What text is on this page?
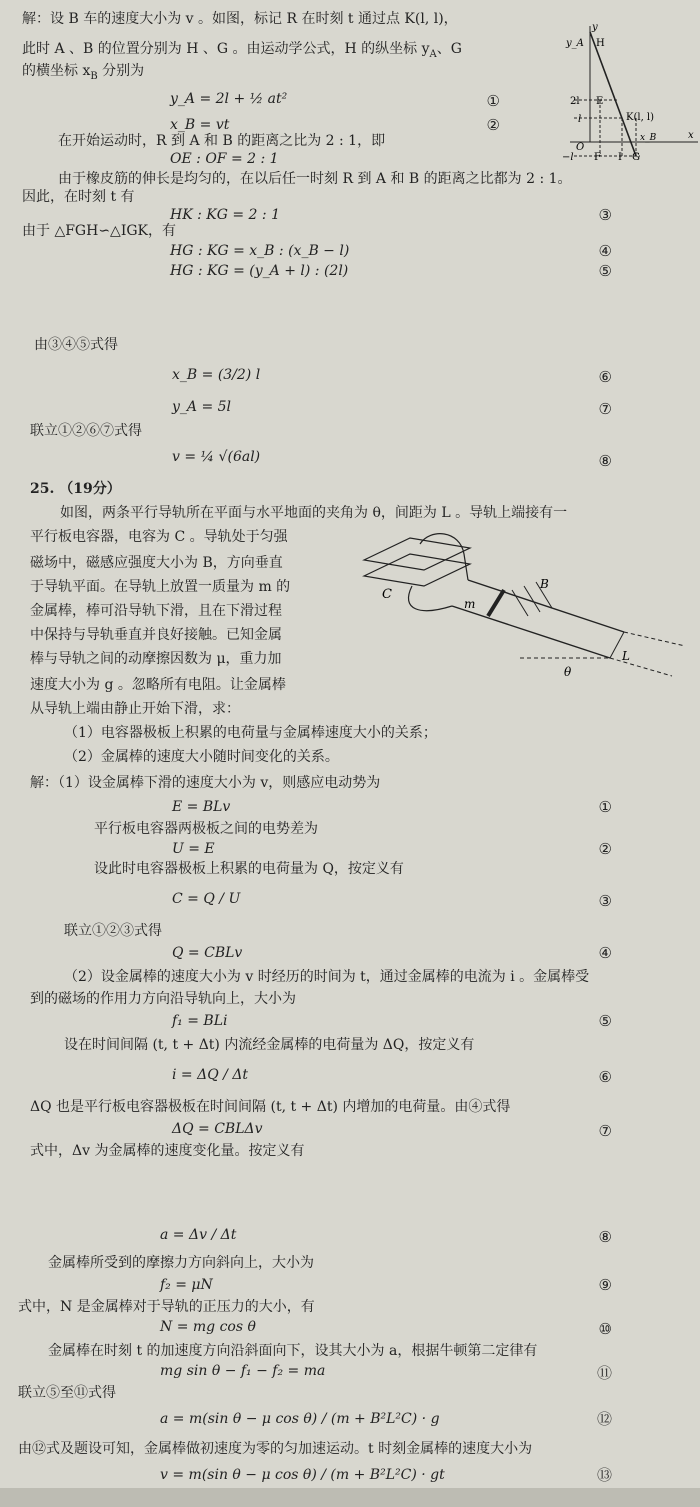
解：设 B 车的速度大小为 v 。如图，标记 R 在时刻 t 通过点 K(l, l)，
此时 A 、B 的位置分别为 H 、G 。由运动学公式，H 的纵坐标 $y_A$、G
的横坐标 $x_B$ 分别为
y_A = 2l + ½ at²	①
x_B = vt	②
在开始运动时，R 到 A 和 B 的距离之比为 2 : 1，即
OE : OF = 2 : 1
由于橡皮筋的伸长是均匀的，在以后任一时刻 R 到 A 和 B 的距离之比都为 2 : 1。
因此，在时刻 t 有
HK : KG = 2 : 1	③
由于 △FGH∽△IGK，有
HG : KG = x_B : (x_B − l)	④
HG : KG = (y_A + l) : (2l)	⑤
由③④⑤式得
x_B = (3/2) l	⑥
y_A = 5l	⑦
联立①②⑥⑦式得
v = ¼ √(6al)	⑧
y
y_A H
2l E
l	K(l, l)
x_B
O
−l F I G
x
25. （19分）
如图，两条平行导轨所在平面与水平地面的夹角为 θ，间距为 L 。导轨上端接有一
平行板电容器，电容为 C 。导轨处于匀强
磁场中，磁感应强度大小为 B，方向垂直
于导轨平面。在导轨上放置一质量为 m 的
金属棒，棒可沿导轨下滑，且在下滑过程
中保持与导轨垂直并良好接触。已知金属
棒与导轨之间的动摩擦因数为 μ，重力加
速度大小为 g 。忽略所有电阻。让金属棒
从导轨上端由静止开始下滑，求：
（1）电容器极板上积累的电荷量与金属棒速度大小的关系；
（2）金属棒的速度大小随时间变化的关系。
C
m
B
L
θ
解：（1）设金属棒下滑的速度大小为 v，则感应电动势为
E = BLv	①
平行板电容器两极板之间的电势差为
U = E	②
设此时电容器极板上积累的电荷量为 Q，按定义有
C = Q / U	③
联立①②③式得
Q = CBLv	④
（2）设金属棒的速度大小为 v 时经历的时间为 t，通过金属棒的电流为 i 。金属棒受
到的磁场的作用力方向沿导轨向上，大小为
f₁ = BLi	⑤
设在时间间隔 (t, t + Δt) 内流经金属棒的电荷量为 ΔQ，按定义有
i = ΔQ / Δt	⑥
ΔQ 也是平行板电容器极板在时间间隔 (t, t + Δt) 内增加的电荷量。由④式得
ΔQ = CBLΔv	⑦
式中，Δv 为金属棒的速度变化量。按定义有
a = Δv / Δt	⑧
金属棒所受到的摩擦力方向斜向上，大小为
f₂ = μN	⑨
式中，N 是金属棒对于导轨的正压力的大小，有
N = mg cos θ	⑩
金属棒在时刻 t 的加速度方向沿斜面向下，设其大小为 a，根据牛顿第二定律有
mg sin θ − f₁ − f₂ = ma	⑪
联立⑤至⑪式得
a = m(sin θ − μ cos θ) / (m + B²L²C) · g	⑫
由⑫式及题设可知，金属棒做初速度为零的匀加速运动。t 时刻金属棒的速度大小为
v = m(sin θ − μ cos θ) / (m + B²L²C) · gt	⑬
